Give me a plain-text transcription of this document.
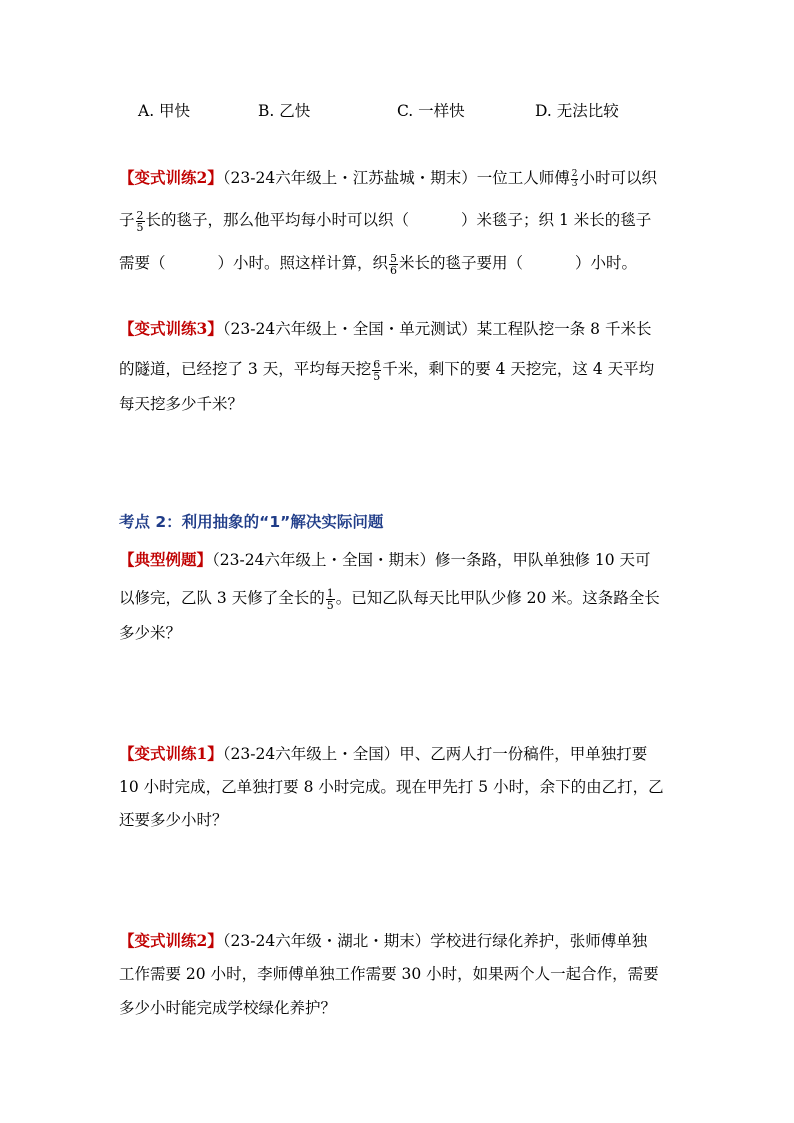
A. 甲快	B. 乙快	C. 一样快	D. 无法比较
【变式训练2】（23-24六年级上・江苏盐城・期末）一位工人师傅 $\frac{2}{3}$ 小时可以织
子 $\frac{2}{5}$ 长的毯子，那么他平均每小时可以织（	）米毯子；织 1 米长的毯子
需要（	）小时。照这样计算，织 $\frac{5}{6}$ 米长的毯子要用（	）小时。
【变式训练3】（23-24六年级上・全国・单元测试）某工程队挖一条 8 千米长
的隧道，已经挖了 3 天，平均每天挖 $\frac{6}{5}$ 千米，剩下的要 4 天挖完，这 4 天平均
每天挖多少千米？
考点 2：利用抽象的“1”解决实际问题
【典型例题】（23-24六年级上・全国・期末）修一条路，甲队单独修 10 天可
以修完，乙队 3 天修了全长的 $\frac{1}{5}$ 。已知乙队每天比甲队少修 20 米。这条路全长
多少米？
【变式训练1】（23-24六年级上・全国）甲、乙两人打一份稿件，甲单独打要
10 小时完成，乙单独打要 8 小时完成。现在甲先打 5 小时，余下的由乙打，乙
还要多少小时？
【变式训练2】（23-24六年级・湖北・期末）学校进行绿化养护，张师傅单独
工作需要 20 小时，李师傅单独工作需要 30 小时，如果两个人一起合作，需要
多少小时能完成学校绿化养护？
